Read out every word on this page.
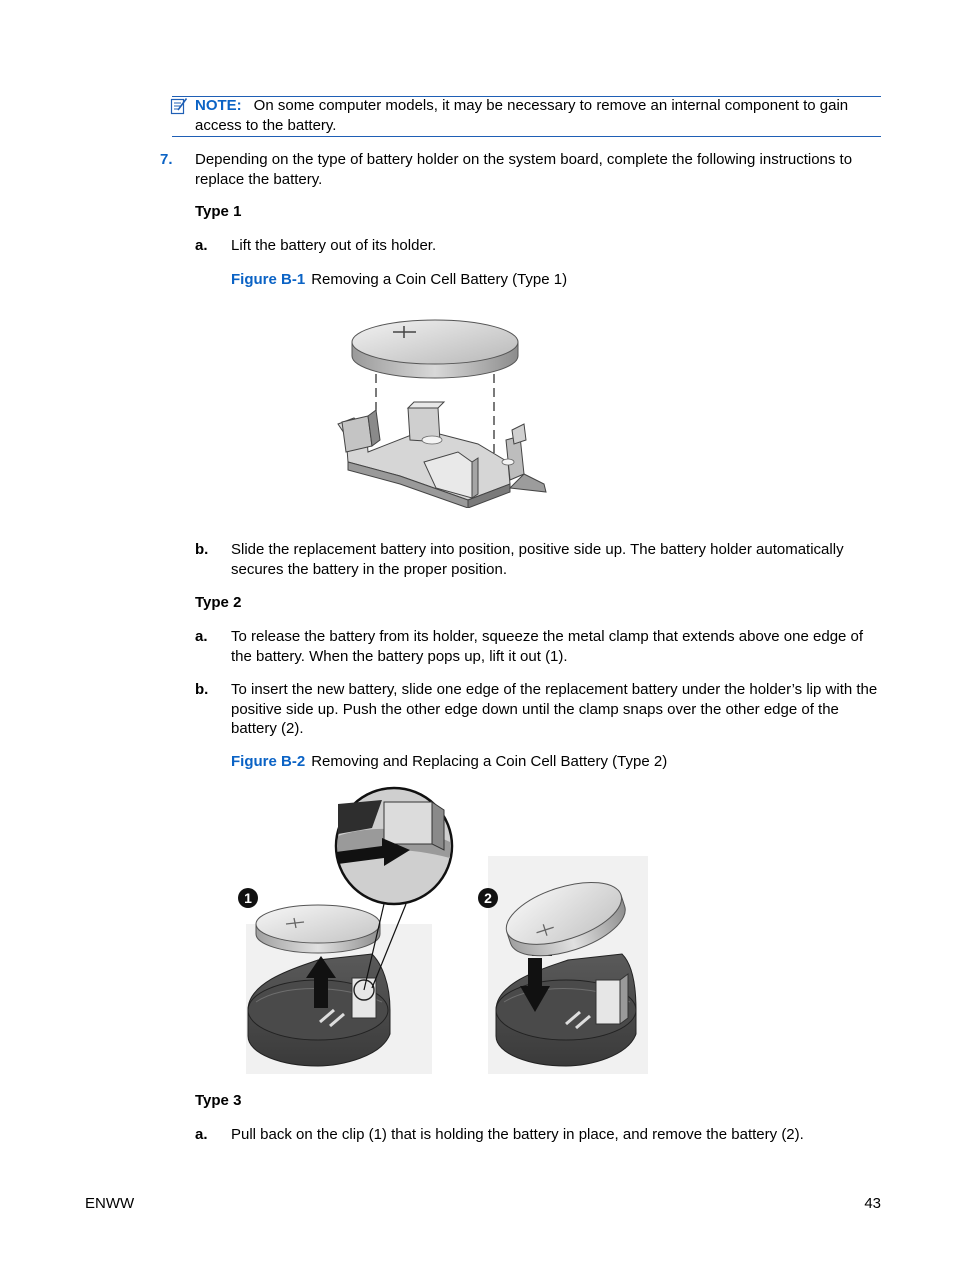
NOTE: On some computer models, it may be necessary to remove an internal component to gain access to the battery.
7. Depending on the type of battery holder on the system board, complete the following instructions to replace the battery.
Type 1
a. Lift the battery out of its holder.
Figure B-1 Removing a Coin Cell Battery (Type 1)
b. Slide the replacement battery into position, positive side up. The battery holder automatically secures the battery in the proper position.
Type 2
a. To release the battery from its holder, squeeze the metal clamp that extends above one edge of the battery. When the battery pops up, lift it out (1).
b. To insert the new battery, slide one edge of the replacement battery under the holder’s lip with the positive side up. Push the other edge down until the clamp snaps over the other edge of the battery (2).
Figure B-2 Removing and Replacing a Coin Cell Battery (Type 2)
1	2
Type 3
a. Pull back on the clip (1) that is holding the battery in place, and remove the battery (2).
ENWW	43
